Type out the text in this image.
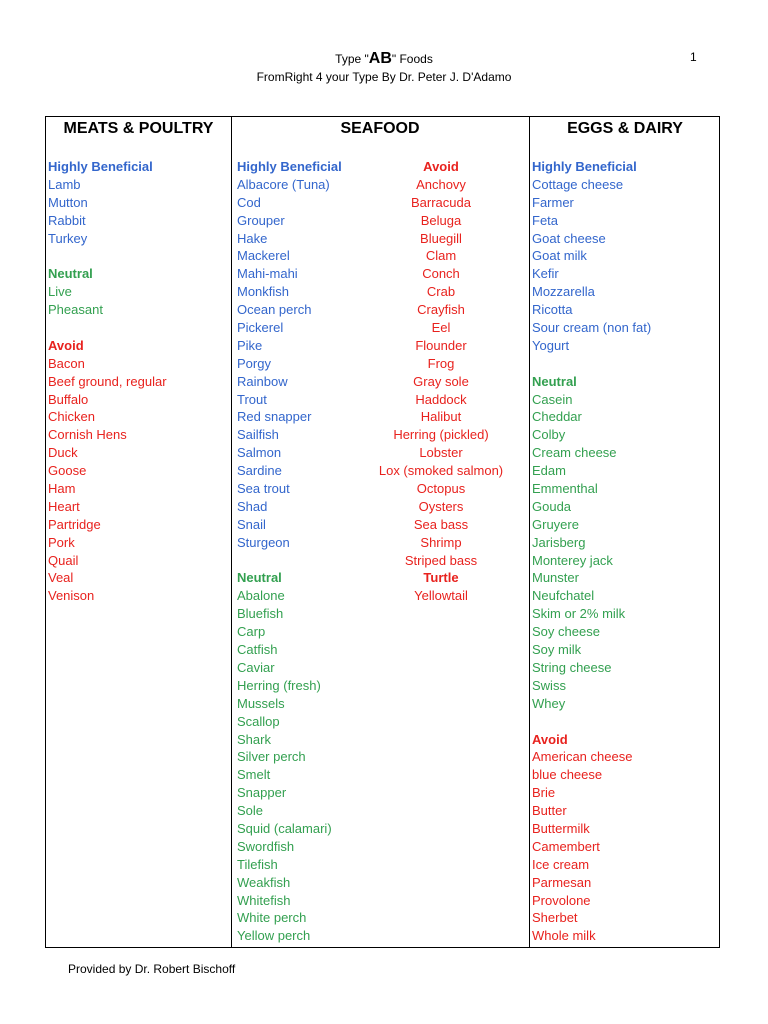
Type "AB" Foods
FromRight 4 your Type By Dr. Peter J. D'Adamo
1
MEATS & POULTRY	SEAFOOD	EGGS & DAIRY
Highly Beneficial
Lamb
Mutton
Rabbit
Turkey
Neutral
Live
Pheasant
Avoid
Bacon
Beef ground, regular
Buffalo
Chicken
Cornish Hens
Duck
Goose
Ham
Heart
Partridge
Pork
Quail
Veal
Venison
Highly Beneficial
Albacore (Tuna)
Cod
Grouper
Hake
Mackerel
Mahi-mahi
Monkfish
Ocean perch
Pickerel
Pike
Porgy
Rainbow
Trout
Red snapper
Sailfish
Salmon
Sardine
Sea trout
Shad
Snail
Sturgeon
Neutral
Abalone
Bluefish
Carp
Catfish
Caviar
Herring (fresh)
Mussels
Scallop
Shark
Silver perch
Smelt
Snapper
Sole
Squid (calamari)
Swordfish
Tilefish
Weakfish
Whitefish
White perch
Yellow perch
Avoid
Anchovy
Barracuda
Beluga
Bluegill
Clam
Conch
Crab
Crayfish
Eel
Flounder
Frog
Gray sole
Haddock
Halibut
Herring (pickled)
Lobster
Lox (smoked salmon)
Octopus
Oysters
Sea bass
Shrimp
Striped bass
Turtle
Yellowtail
Highly Beneficial
Cottage cheese
Farmer
Feta
Goat cheese
Goat milk
Kefir
Mozzarella
Ricotta
Sour cream (non fat)
Yogurt
Neutral
Casein
Cheddar
Colby
Cream cheese
Edam
Emmenthal
Gouda
Gruyere
Jarisberg
Monterey jack
Munster
Neufchatel
Skim or 2% milk
Soy cheese
Soy milk
String cheese
Swiss
Whey
Avoid
American cheese
blue cheese
Brie
Butter
Buttermilk
Camembert
Ice cream
Parmesan
Provolone
Sherbet
Whole milk
Provided by Dr. Robert Bischoff
